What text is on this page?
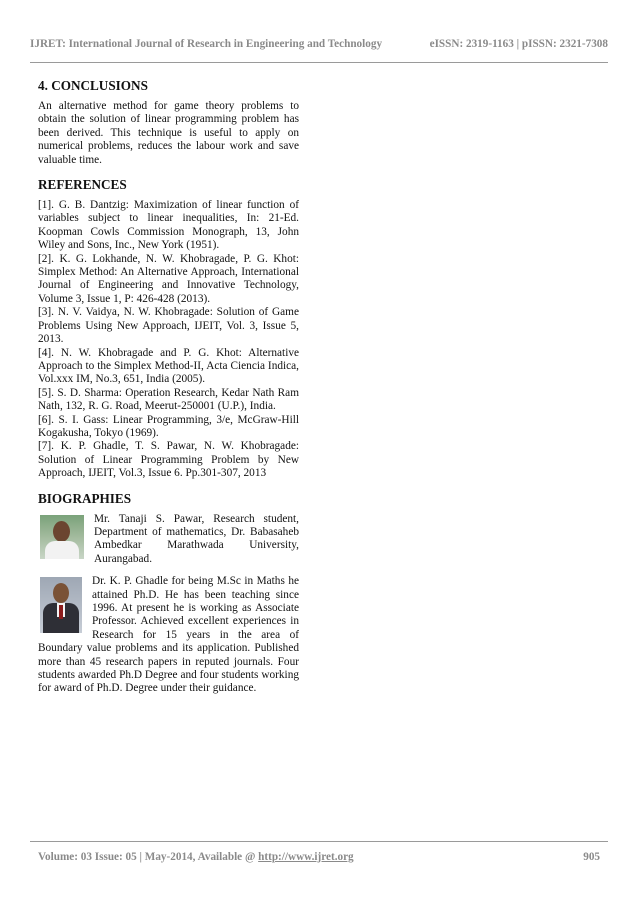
IJRET: International Journal of Research in Engineering and Technology	eISSN: 2319-1163 | pISSN: 2321-7308
4. CONCLUSIONS

An alternative method for game theory problems to obtain the solution of linear programming problem has been derived. This technique is useful to apply on numerical problems, reduces the labour work and save valuable time.

REFERENCES

[1]. G. B. Dantzig: Maximization of linear function of variables subject to linear inequalities, In: 21-Ed. Koopman Cowls Commission Monograph, 13, John Wiley and Sons, Inc., New York (1951).

[2]. K. G. Lokhande, N. W. Khobragade, P. G. Khot: Simplex Method: An Alternative Approach, International Journal of Engineering and Innovative Technology, Volume 3, Issue 1, P: 426-428 (2013).

[3]. N. V. Vaidya, N. W. Khobragade: Solution of Game Problems Using New Approach, IJEIT, Vol. 3, Issue 5, 2013.

[4]. N. W. Khobragade and P. G. Khot: Alternative Approach to the Simplex Method-II, Acta Ciencia Indica, Vol.xxx IM, No.3, 651, India (2005).

[5]. S. D. Sharma: Operation Research, Kedar Nath Ram Nath, 132, R. G. Road, Meerut-250001 (U.P.), India.

[6]. S. I. Gass: Linear Programming, 3/e, McGraw-Hill Kogakusha, Tokyo (1969).

[7]. K. P. Ghadle, T. S. Pawar, N. W. Khobragade: Solution of Linear Programming Problem by New Approach, IJEIT, Vol.3, Issue 6. Pp.301-307, 2013

BIOGRAPHIES

Mr. Tanaji S. Pawar, Research student, Department of mathematics, Dr. Babasaheb Ambedkar Marathwada University, Aurangabad.

Dr. K. P. Ghadle for being M.Sc in Maths he attained Ph.D. He has been teaching since 1996. At present he is working as Associate Professor. Achieved excellent experiences in Research for 15 years in the area of Boundary value problems and its application. Published more than 45 research papers in reputed journals. Four students awarded Ph.D Degree and four students working for award of Ph.D. Degree under their guidance.

Volume: 03 Issue: 05 | May-2014, Available @ http://www.ijret.org	905
